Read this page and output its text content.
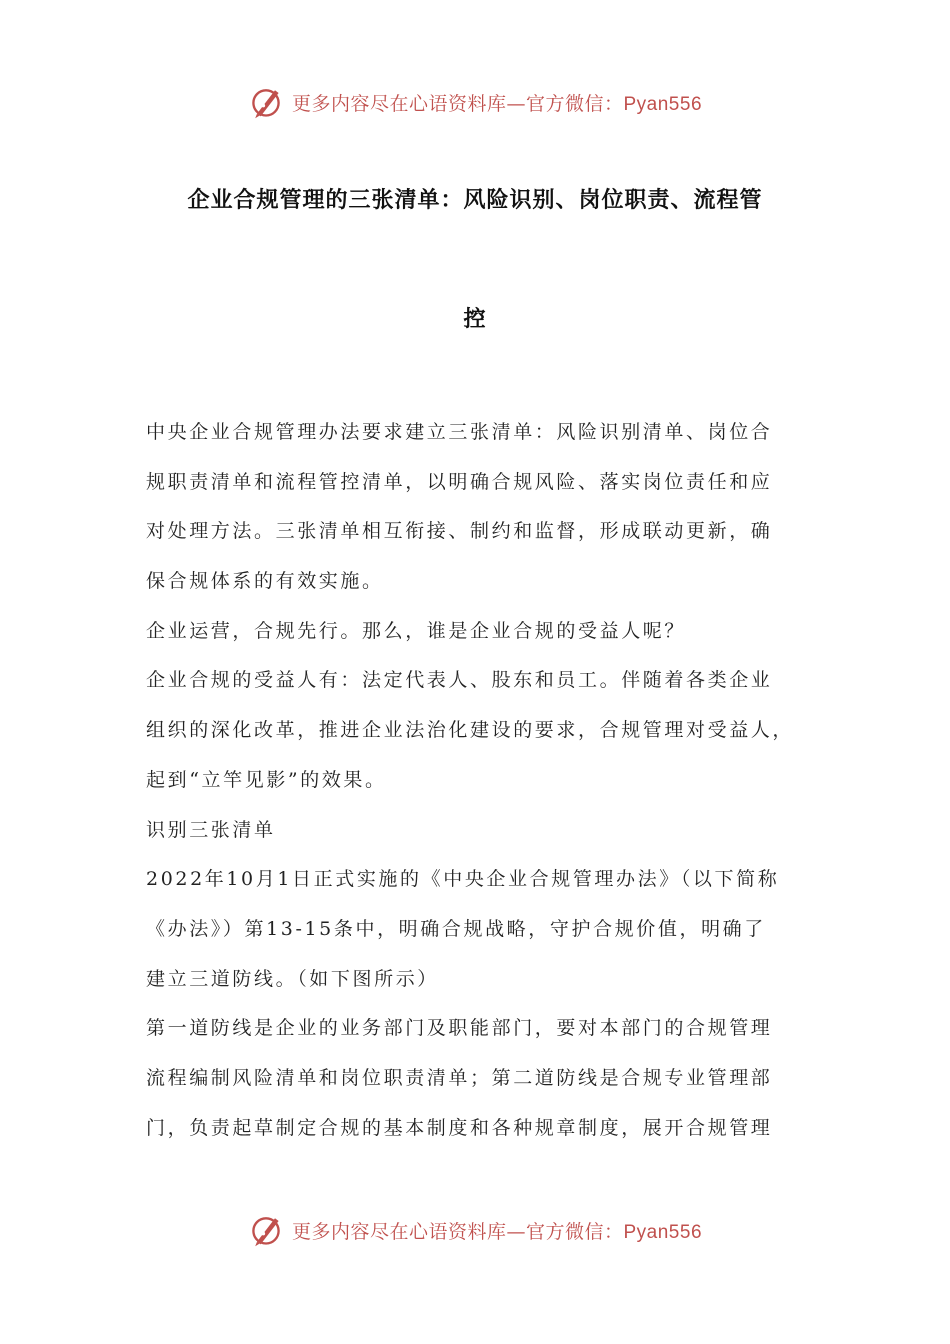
更多内容尽在心语资料库—官方微信：Pyan556
企业合规管理的三张清单：风险识别、岗位职责、流程管
控
中央企业合规管理办法要求建立三张清单：风险识别清单、岗位合
规职责清单和流程管控清单，以明确合规风险、落实岗位责任和应
对处理方法。三张清单相互衔接、制约和监督，形成联动更新，确
保合规体系的有效实施。
企业运营，合规先行。那么，谁是企业合规的受益人呢？
企业合规的受益人有：法定代表人、股东和员工。伴随着各类企业
组织的深化改革，推进企业法治化建设的要求，合规管理对受益人，
起到“立竿见影”的效果。
识别三张清单
2022年10月1日正式实施的《中央企业合规管理办法》（以下简称
《办法》）第13-15条中，明确合规战略，守护合规价值，明确了
建立三道防线。（如下图所示）
第一道防线是企业的业务部门及职能部门，要对本部门的合规管理
流程编制风险清单和岗位职责清单；第二道防线是合规专业管理部
门，负责起草制定合规的基本制度和各种规章制度，展开合规管理
更多内容尽在心语资料库—官方微信：Pyan556
